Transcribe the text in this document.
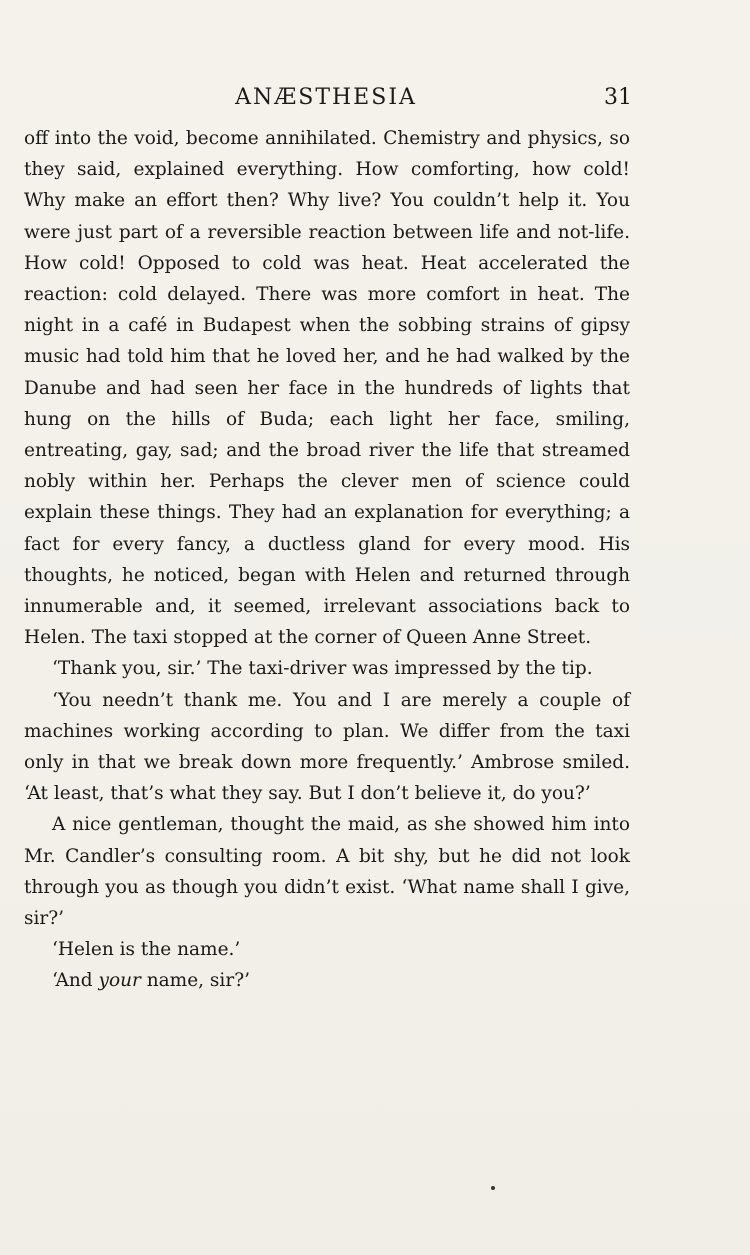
ANÆSTHESIA	31

off into the void, become annihilated. Chemistry and physics, so they said, explained everything. How comforting, how cold! Why make an effort then? Why live? You couldn’t help it. You were just part of a reversible reaction between life and not-life. How cold! Opposed to cold was heat. Heat accelerated the reaction: cold delayed. There was more comfort in heat. The night in a café in Budapest when the sobbing strains of gipsy music had told him that he loved her, and he had walked by the Danube and had seen her face in the hundreds of lights that hung on the hills of Buda; each light her face, smiling, entreating, gay, sad; and the broad river the life that streamed nobly within her. Perhaps the clever men of science could explain these things. They had an explanation for everything; a fact for every fancy, a ductless gland for every mood. His thoughts, he noticed, began with Helen and returned through innumerable and, it seemed, irrelevant associations back to Helen. The taxi stopped at the corner of Queen Anne Street.

‘Thank you, sir.’ The taxi-driver was impressed by the tip.

‘You needn’t thank me. You and I are merely a couple of machines working according to plan. We differ from the taxi only in that we break down more frequently.’ Ambrose smiled. ‘At least, that’s what they say. But I don’t believe it, do you?’

A nice gentleman, thought the maid, as she showed him into Mr. Candler’s consulting room. A bit shy, but he did not look through you as though you didn’t exist. ‘What name shall I give, sir?’

‘Helen is the name.’

‘And your name, sir?’
